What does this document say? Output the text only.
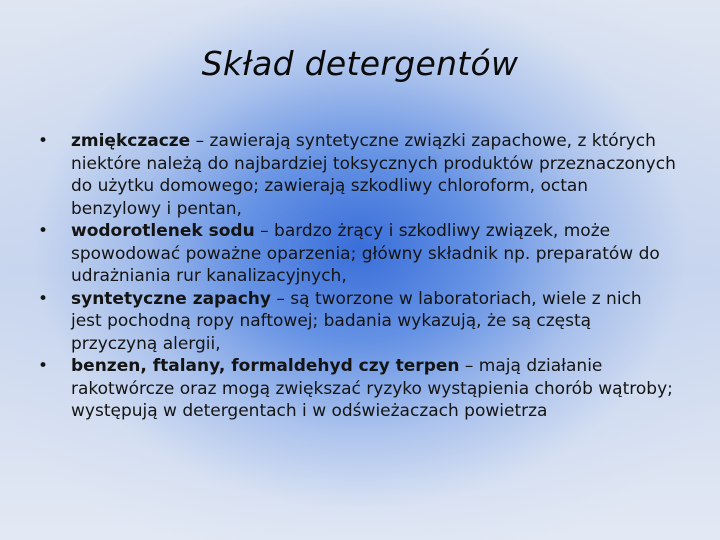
Skład detergentów
• zmiękczacze – zawierają syntetyczne związki zapachowe, z których niektóre należą do najbardziej toksycznych produktów przeznaczonych do użytku domowego; zawierają szkodliwy chloroform, octan benzylowy i pentan,
• wodorotlenek sodu – bardzo żrący i szkodliwy związek, może spowodować poważne oparzenia; główny składnik np. preparatów do udrażniania rur kanalizacyjnych,
• syntetyczne zapachy – są tworzone w laboratoriach, wiele z nich jest pochodną ropy naftowej; badania wykazują, że są częstą przyczyną alergii,
• benzen, ftalany, formaldehyd czy terpen – mają działanie rakotwórcze oraz mogą zwiększać ryzyko wystąpienia chorób wątroby; występują w detergentach i w odświeżaczach powietrza
